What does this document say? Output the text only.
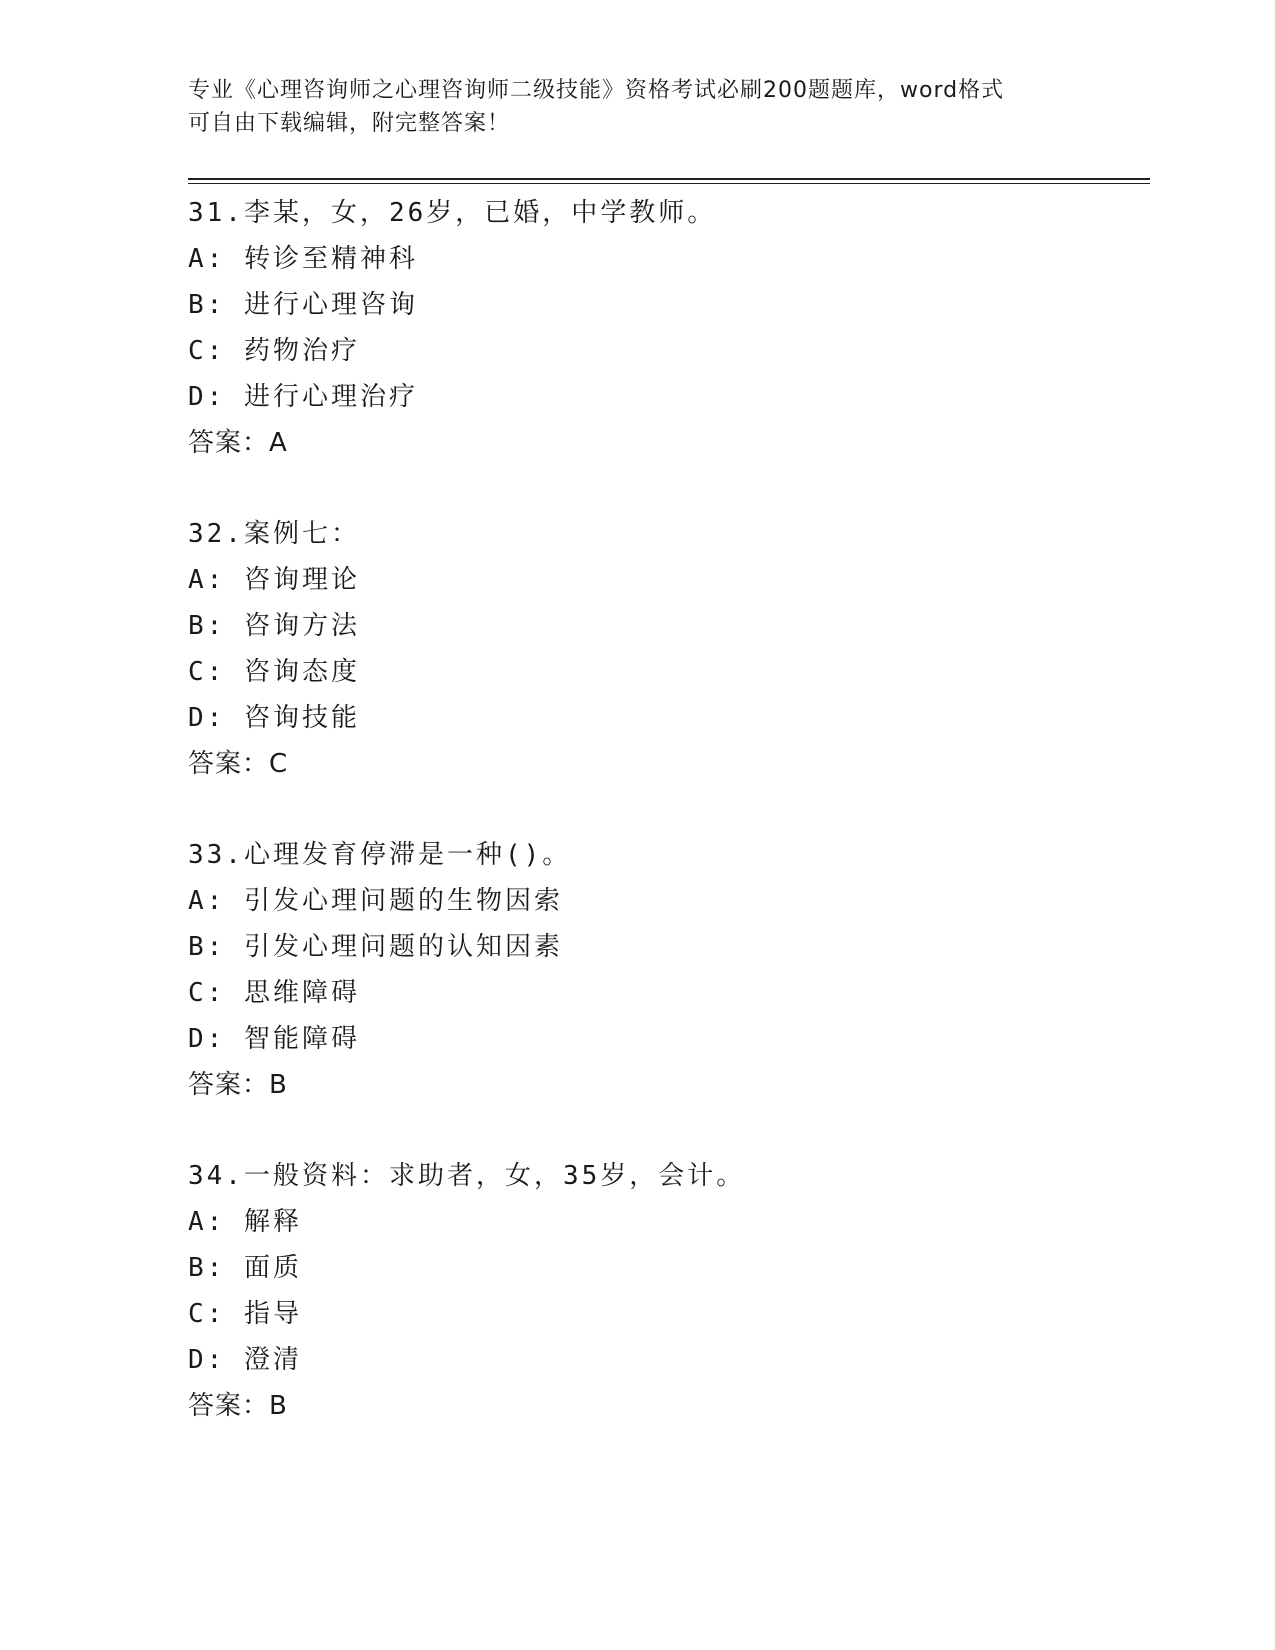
专业《心理咨询师之心理咨询师二级技能》资格考试必刷200题题库，word格式
可自由下载编辑，附完整答案！
31.李某，女，26岁，已婚，中学教师。
A: 转诊至精神科
B: 进行心理咨询
C: 药物治疗
D: 进行心理治疗
答案：A
32.案例七：
A: 咨询理论
B: 咨询方法
C: 咨询态度
D: 咨询技能
答案：C
33.心理发育停滞是一种()。
A: 引发心理问题的生物因索
B: 引发心理问题的认知因素
C: 思维障碍
D: 智能障碍
答案：B
34.一般资料：求助者，女，35岁，会计。
A: 解释
B: 面质
C: 指导
D: 澄清
答案：B
